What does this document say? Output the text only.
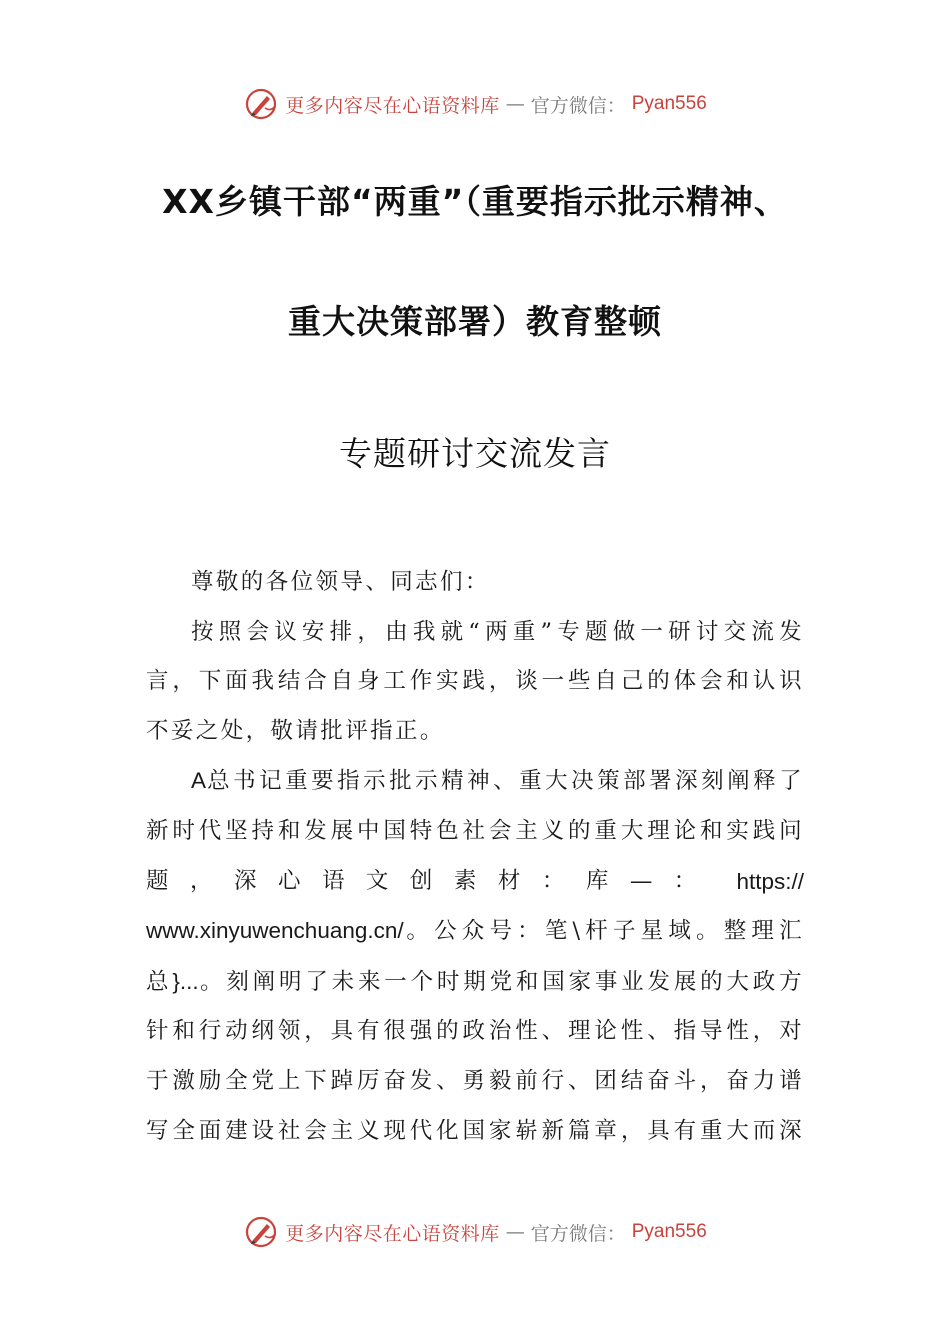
更多内容尽在心语资料库 — 官方微信： Pyan556
XX乡镇干部“两重”（重要指示批示精神、
重大决策部署）教育整顿
专题研讨交流发言

尊敬的各位领导、同志们：

按照会议安排，由我就“两重”专题做一研讨交流发
言，下面我结合自身工作实践，谈一些自己的体会和认识
不妥之处，敬请批评指正。
A总书记重要指示批示精神、重大决策部署深刻阐释了
新时代坚持和发展中国特色社会主义的重大理论和实践问
题 ， 深 心 语 文 创 素 材 ： 库 — ： https://
www.xinyuwenchuang.cn/。公众号：笔\杆子星域。整理汇
总}...。刻阐明了未来一个时期党和国家事业发展的大政方
针和行动纲领，具有很强的政治性、理论性、指导性，对
于激励全党上下踔厉奋发、勇毅前行、团结奋斗，奋力谱
写全面建设社会主义现代化国家崭新篇章，具有重大而深
更多内容尽在心语资料库 — 官方微信： Pyan556
